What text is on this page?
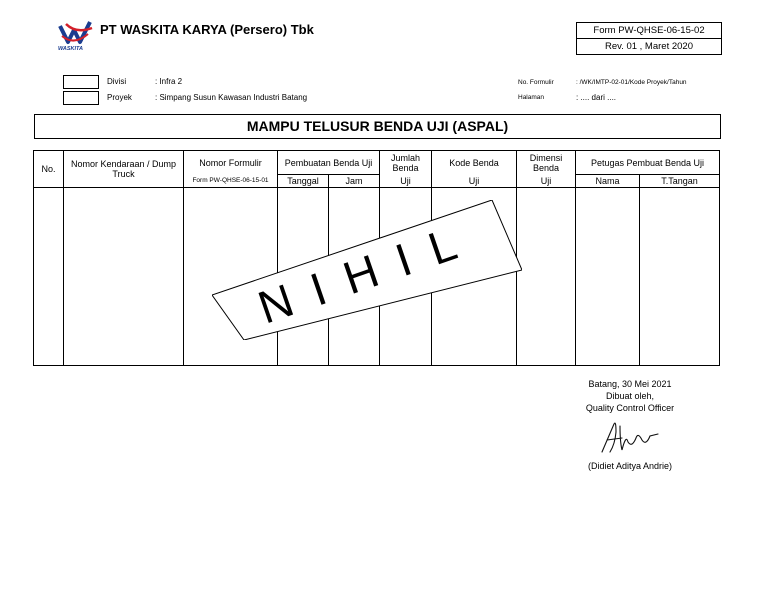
WASKITA
PT WASKITA KARYA (Persero) Tbk	Form PW-QHSE-06-15-02
Rev. 01 , Maret 2020
Divisi	: Infra 2
Proyek	: Simpang Susun Kawasan Industri Batang
No. Formulir	: /WK/IMTP-02-01/Kode Proyek/Tahun
Halaman	: .... dari ....
MAMPU TELUSUR BENDA UJI (ASPAL)
No.	Nomor Kendaraan / Dump Truck	Nomor Formulir	Pembuatan Benda Uji		Jumlah Benda	Kode Benda	Dimensi Benda	Petugas Pembuat Benda Uji	
		Form PW-QHSE-06-15-01	Tanggal	Jam	Uji	Uji	Uji	Nama	T.Tangan

NIHIL
Batang, 30 Mei 2021
Dibuat oleh,
Quality Control Officer
(Didiet Aditya Andrie)
